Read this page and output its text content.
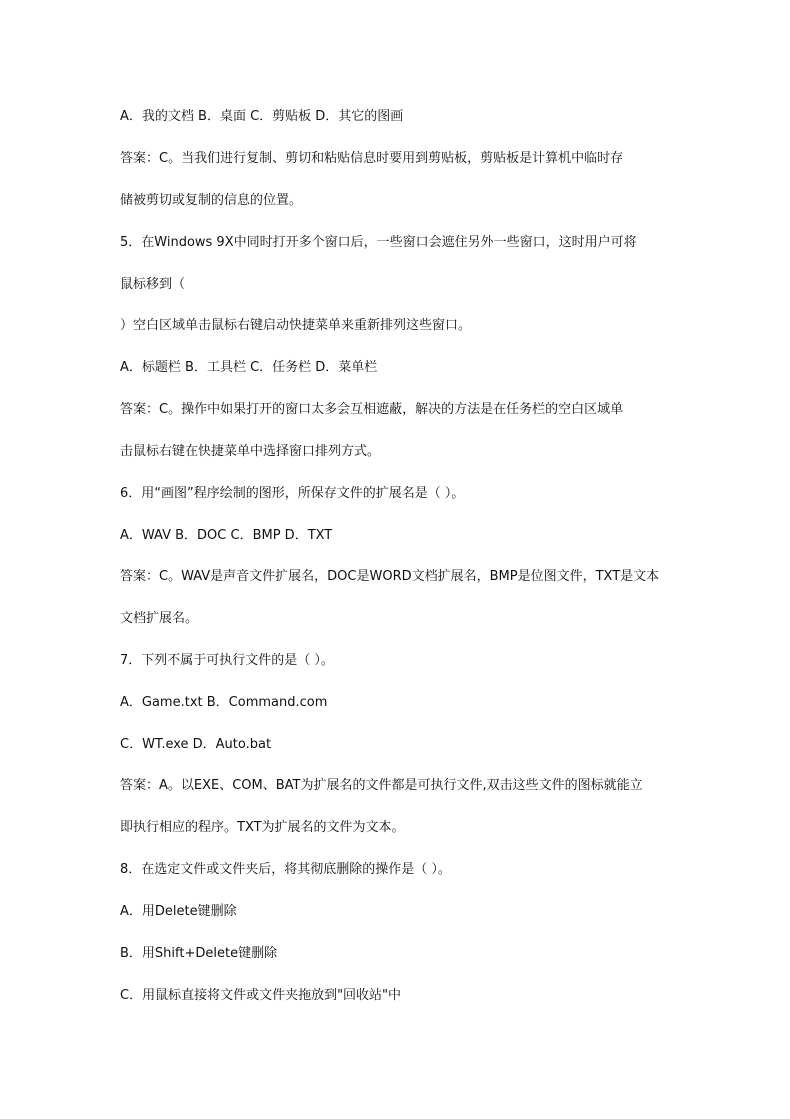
A．我的文档 B．桌面 C．剪贴板 D．其它的图画
答案：C。当我们进行复制、剪切和粘贴信息时要用到剪贴板，剪贴板是计算机中临时存
储被剪切或复制的信息的位置。
5．在Windows 9X中同时打开多个窗口后，一些窗口会遮住另外一些窗口，这时用户可将
鼠标移到（
）空白区域单击鼠标右键启动快捷菜单来重新排列这些窗口。
A．标题栏 B．工具栏 C．任务栏 D．菜单栏
答案：C。操作中如果打开的窗口太多会互相遮蔽，解决的方法是在任务栏的空白区域单
击鼠标右键在快捷菜单中选择窗口排列方式。
6．用“画图”程序绘制的图形，所保存文件的扩展名是（ ）。
A．WAV B．DOC C．BMP D．TXT
答案：C。WAV是声音文件扩展名，DOC是WORD文档扩展名，BMP是位图文件，TXT是文本
文档扩展名。
7．下列不属于可执行文件的是（ ）。
A．Game.txt B．Command.com
C．WT.exe D．Auto.bat
答案：A。以EXE、COM、BAT为扩展名的文件都是可执行文件,双击这些文件的图标就能立
即执行相应的程序。TXT为扩展名的文件为文本。
8．在选定文件或文件夹后，将其彻底删除的操作是（ ）。
A．用Delete键删除
B．用Shift+Delete键删除
C．用鼠标直接将文件或文件夹拖放到"回收站"中
